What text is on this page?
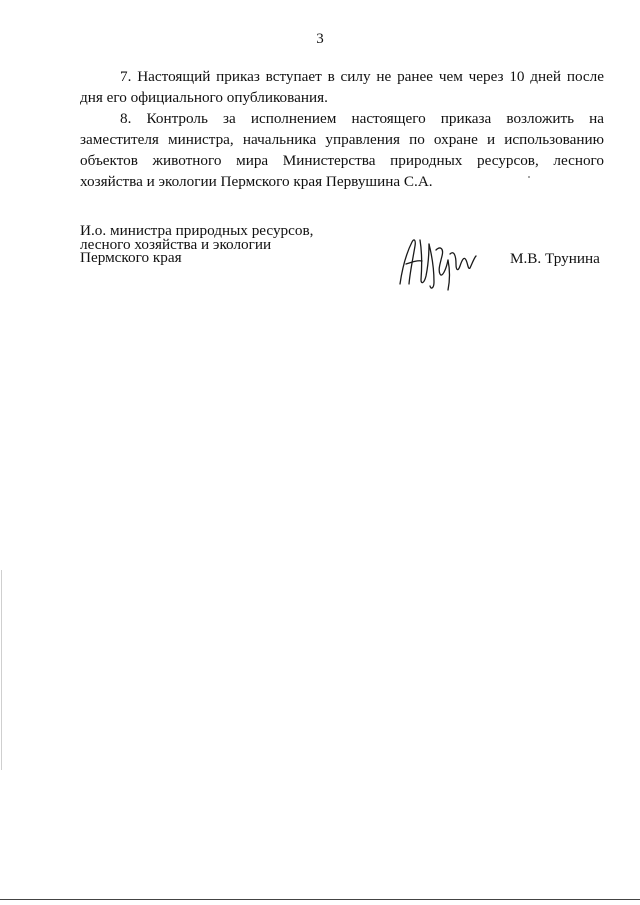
3

7. Настоящий приказ вступает в силу не ранее чем через 10 дней после дня его официального опубликования.

8. Контроль за исполнением настоящего приказа возложить на заместителя министра, начальника управления по охране и использованию объектов животного мира Министерства природных ресурсов, лесного хозяйства и экологии Пермского края Первушина С.А.

И.о. министра природных ресурсов,
лесного хозяйства и экологии
Пермского края	М.В. Трунина
